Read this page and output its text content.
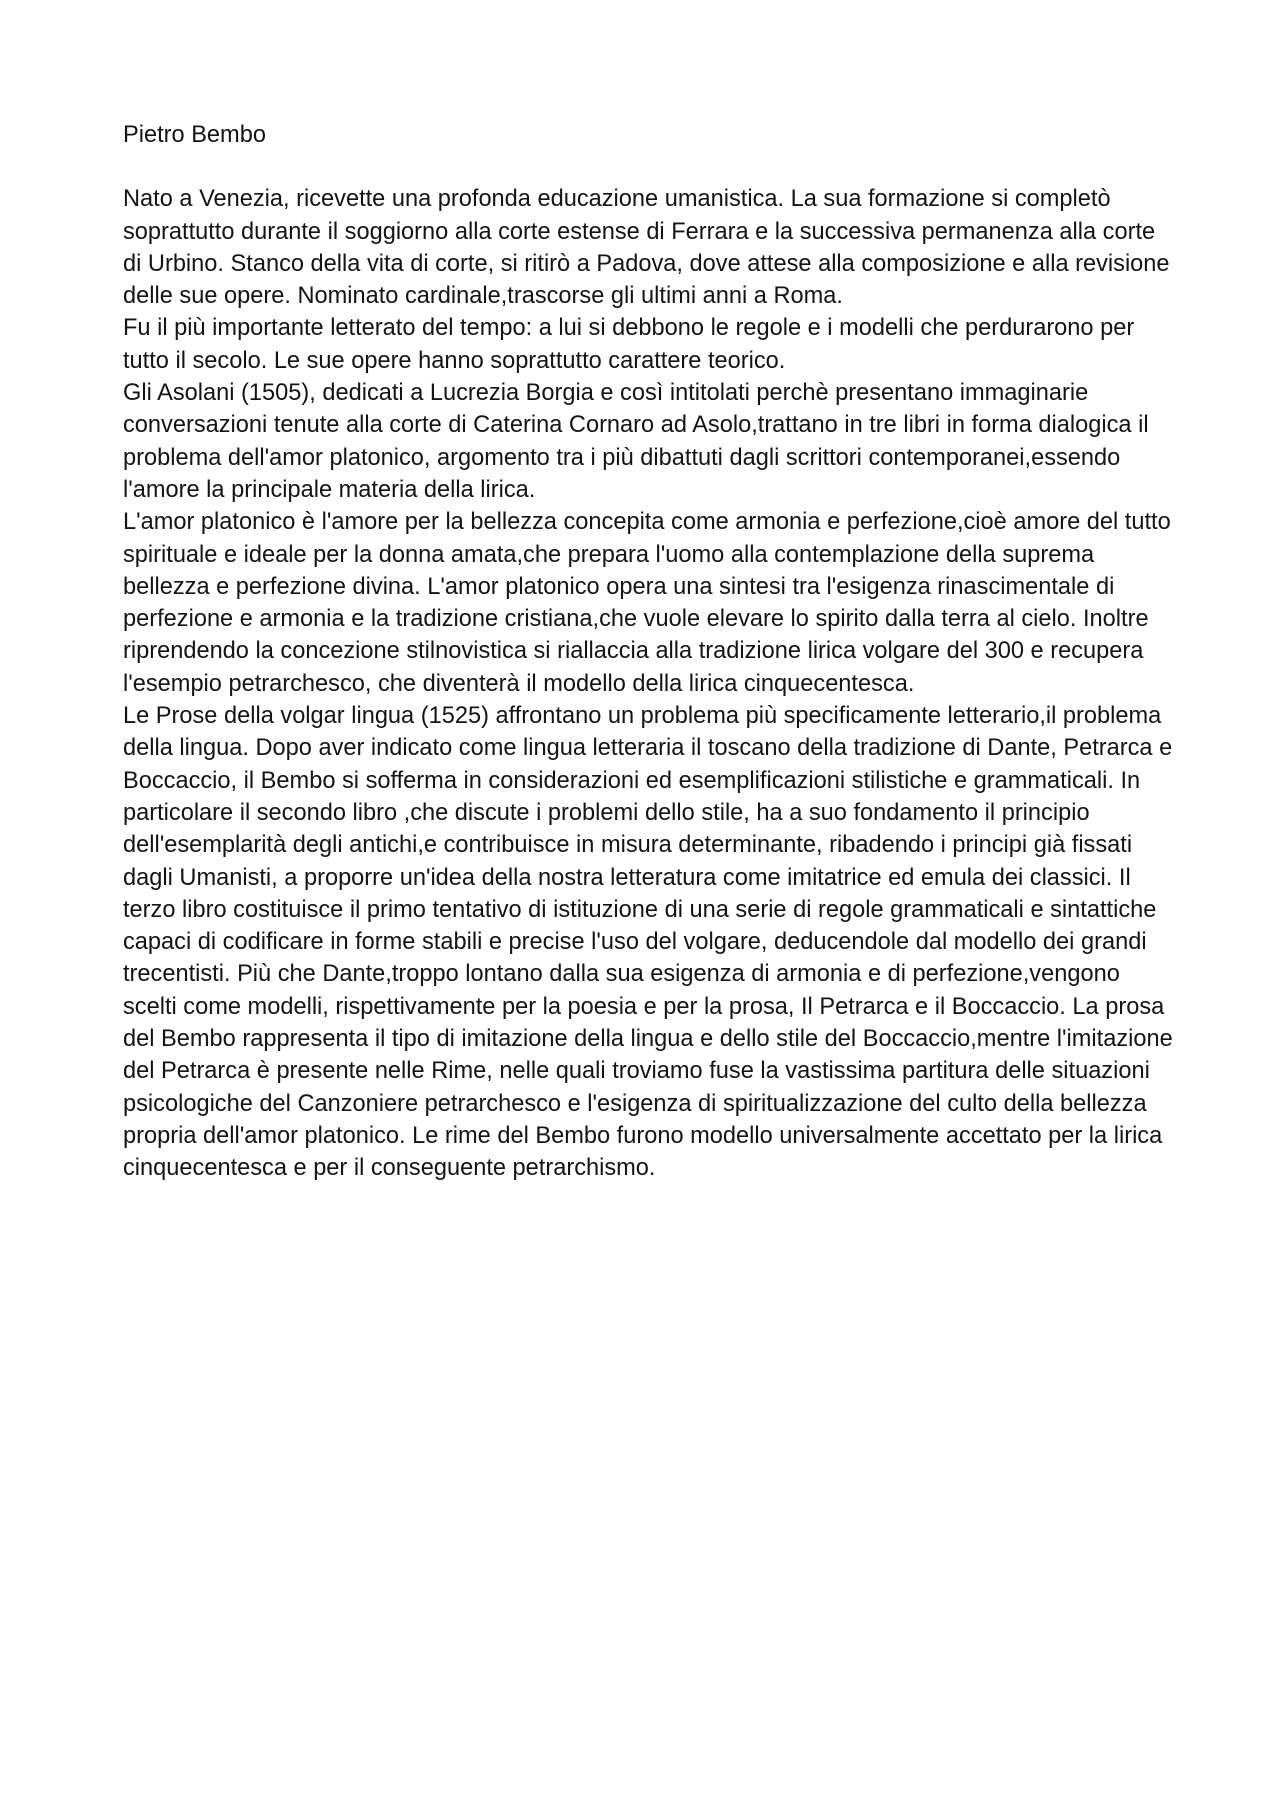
Pietro Bembo

Nato a Venezia, ricevette una profonda educazione umanistica. La sua formazione si completò soprattutto durante il soggiorno alla corte estense di Ferrara e la successiva permanenza alla corte di Urbino. Stanco della vita di corte, si ritirò a Padova, dove attese alla composizione e alla revisione delle sue opere. Nominato cardinale,trascorse gli ultimi anni a Roma.

Fu il più importante letterato del tempo: a lui si debbono le regole e i modelli che perdurarono per tutto il secolo. Le sue opere hanno soprattutto carattere teorico.

Gli Asolani (1505), dedicati a Lucrezia Borgia e così intitolati perchè presentano immaginarie conversazioni tenute alla corte di Caterina Cornaro ad Asolo,trattano in tre libri in forma dialogica il problema dell'amor platonico, argomento tra i più dibattuti dagli scrittori contemporanei,essendo l'amore la principale materia della lirica.

L'amor platonico è l'amore per la bellezza concepita come armonia e perfezione,cioè amore del tutto spirituale e ideale per la donna amata,che prepara l'uomo alla contemplazione della suprema bellezza e perfezione divina. L'amor platonico opera una sintesi tra l'esigenza rinascimentale di perfezione e armonia e la tradizione cristiana,che vuole elevare lo spirito dalla terra al cielo. Inoltre riprendendo la concezione stilnovistica si riallaccia alla tradizione lirica volgare del 300 e recupera l'esempio petrarchesco, che diventerà il modello della lirica cinquecentesca.

Le Prose della volgar lingua (1525) affrontano un problema più specificamente letterario,il problema della lingua. Dopo aver indicato come lingua letteraria il toscano della tradizione di Dante, Petrarca e Boccaccio, il Bembo si sofferma in considerazioni ed esemplificazioni stilistiche e grammaticali. In particolare il secondo libro ,che discute i problemi dello stile, ha a suo fondamento il principio dell'esemplarità degli antichi,e contribuisce in misura determinante, ribadendo i principi già fissati dagli Umanisti, a proporre un'idea della nostra letteratura come imitatrice ed emula dei classici. Il terzo libro costituisce il primo tentativo di istituzione di una serie di regole grammaticali e sintattiche capaci di codificare in forme stabili e precise l'uso del volgare, deducendole dal modello dei grandi trecentisti. Più che Dante,troppo lontano dalla sua esigenza di armonia e di perfezione,vengono scelti come modelli, rispettivamente per la poesia e per la prosa, Il Petrarca e il Boccaccio. La prosa del Bembo rappresenta il tipo di imitazione della lingua e dello stile del Boccaccio,mentre l'imitazione del Petrarca è presente nelle Rime, nelle quali troviamo fuse la vastissima partitura delle situazioni psicologiche del Canzoniere petrarchesco e l'esigenza di spiritualizzazione del culto della bellezza propria dell'amor platonico. Le rime del Bembo furono modello universalmente accettato per la lirica cinquecentesca e per il conseguente petrarchismo.
